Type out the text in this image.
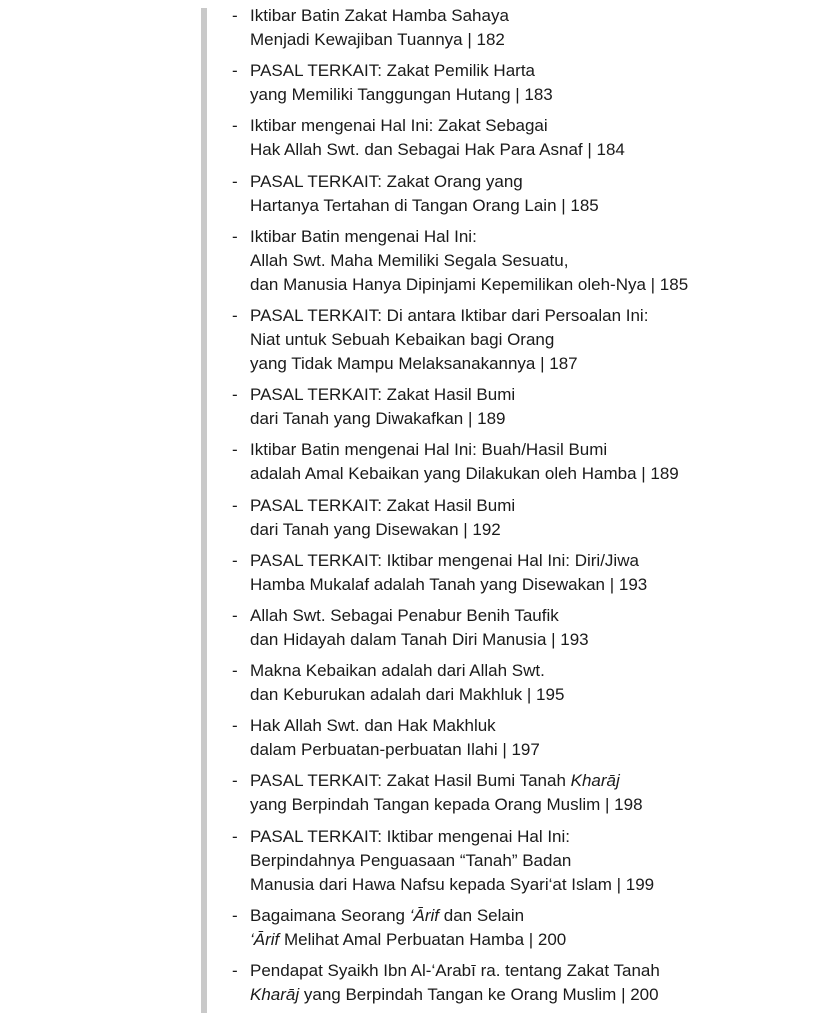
- Iktibar Batin Zakat Hamba Sahaya
Menjadi Kewajiban Tuannya | 182
- PASAL TERKAIT: Zakat Pemilik Harta
yang Memiliki Tanggungan Hutang | 183
- Iktibar mengenai Hal Ini: Zakat Sebagai
Hak Allah Swt. dan Sebagai Hak Para Asnaf | 184
- PASAL TERKAIT: Zakat Orang yang
Hartanya Tertahan di Tangan Orang Lain | 185
- Iktibar Batin mengenai Hal Ini:
Allah Swt. Maha Memiliki Segala Sesuatu,
dan Manusia Hanya Dipinjami Kepemilikan oleh-Nya | 185
- PASAL TERKAIT: Di antara Iktibar dari Persoalan Ini:
Niat untuk Sebuah Kebaikan bagi Orang
yang Tidak Mampu Melaksanakannya | 187
- PASAL TERKAIT: Zakat Hasil Bumi
dari Tanah yang Diwakafkan | 189
- Iktibar Batin mengenai Hal Ini: Buah/Hasil Bumi
adalah Amal Kebaikan yang Dilakukan oleh Hamba | 189
- PASAL TERKAIT: Zakat Hasil Bumi
dari Tanah yang Disewakan | 192
- PASAL TERKAIT: Iktibar mengenai Hal Ini: Diri/Jiwa
Hamba Mukalaf adalah Tanah yang Disewakan | 193
- Allah Swt. Sebagai Penabur Benih Taufik
dan Hidayah dalam Tanah Diri Manusia | 193
- Makna Kebaikan adalah dari Allah Swt.
dan Keburukan adalah dari Makhluk | 195
- Hak Allah Swt. dan Hak Makhluk
dalam Perbuatan-perbuatan Ilahi | 197
- PASAL TERKAIT: Zakat Hasil Bumi Tanah Kharāj
yang Berpindah Tangan kepada Orang Muslim | 198
- PASAL TERKAIT: Iktibar mengenai Hal Ini:
Berpindahnya Penguasaan “Tanah” Badan
Manusia dari Hawa Nafsu kepada Syari‘at Islam | 199
- Bagaimana Seorang ‘Ārif dan Selain
‘Ārif Melihat Amal Perbuatan Hamba | 200
- Pendapat Syaikh Ibn Al-‘Arabī ra. tentang Zakat Tanah
Kharāj yang Berpindah Tangan ke Orang Muslim | 200
